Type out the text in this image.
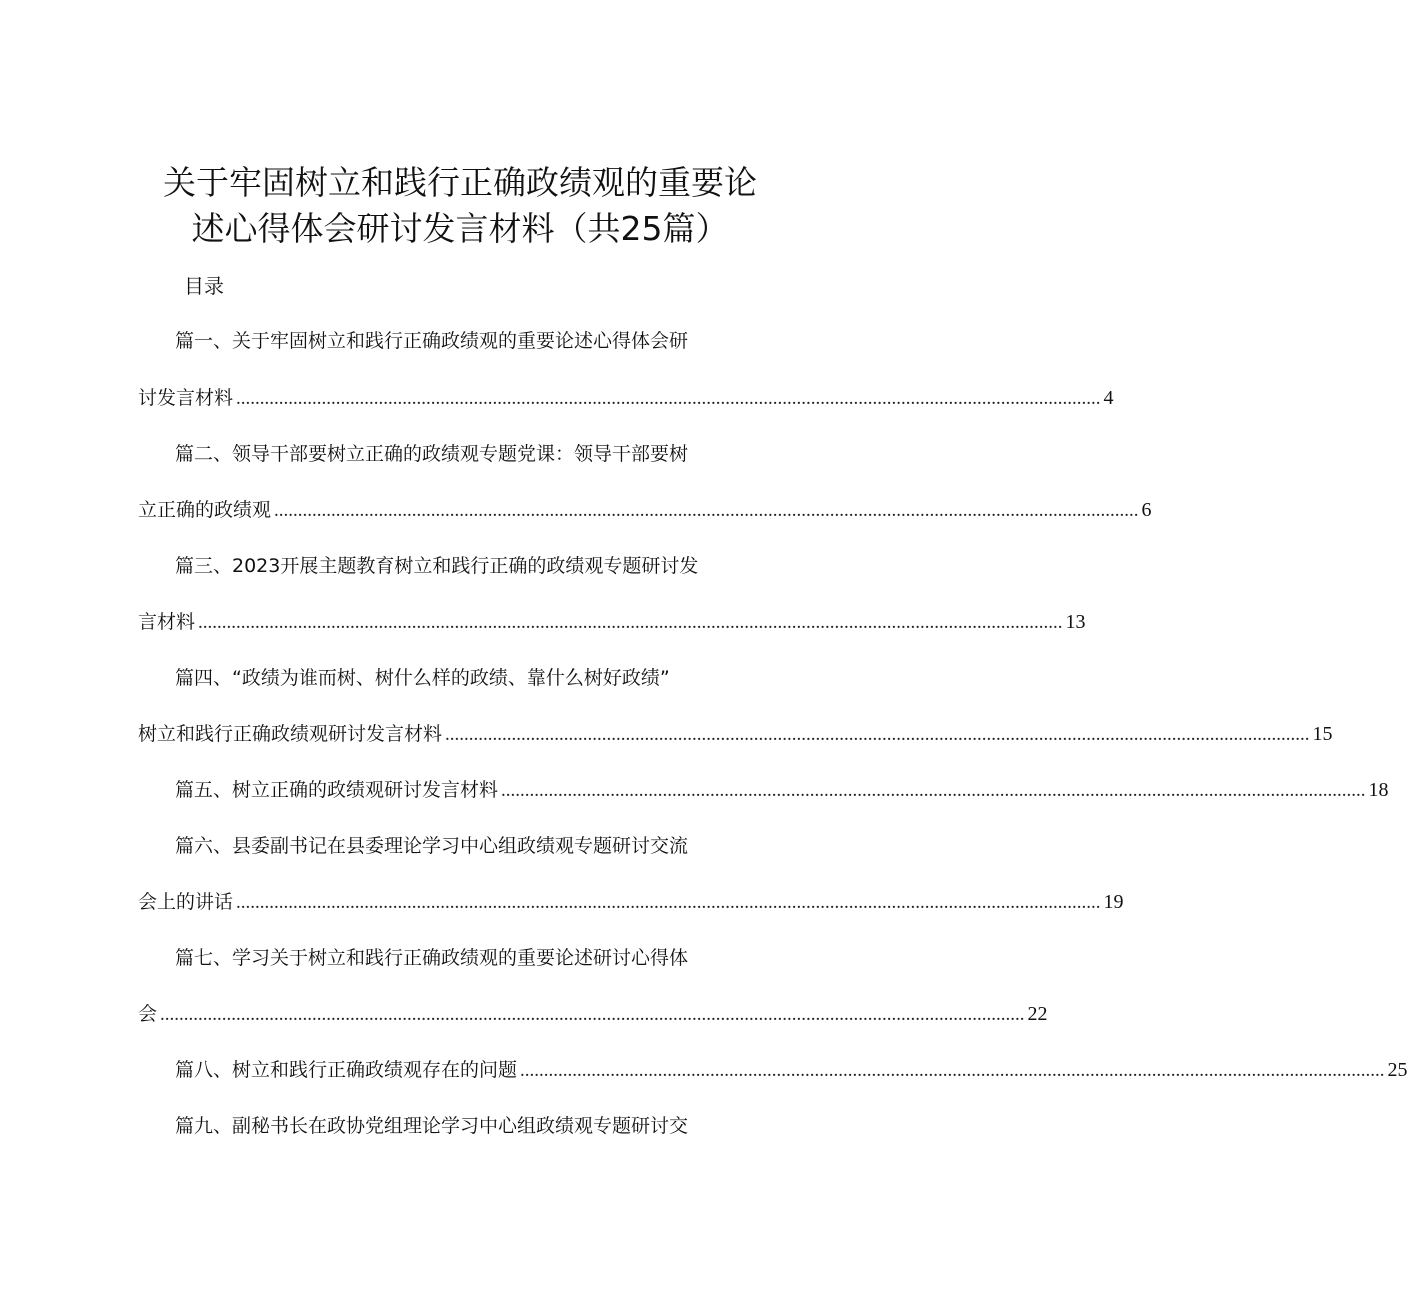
关于牢固树立和践行正确政绩观的重要论
述心得体会研讨发言材料（共25篇）
目录
篇一、关于牢固树立和践行正确政绩观的重要论述心得体会研
讨发言材料 ...................................................................................................................................................................................... 4
篇二、领导干部要树立正确的政绩观专题党课：领导干部要树
立正确的政绩观 ...................................................................................................................................................................................... 6
篇三、2023开展主题教育树立和践行正确的政绩观专题研讨发
言材料 ...................................................................................................................................................................................... 13
篇四、“政绩为谁而树、树什么样的政绩、靠什么树好政绩”
树立和践行正确政绩观研讨发言材料 ...................................................................................................................................................................................... 15
篇五、树立正确的政绩观研讨发言材料 ...................................................................................................................................................................................... 18
篇六、县委副书记在县委理论学习中心组政绩观专题研讨交流
会上的讲话 ...................................................................................................................................................................................... 19
篇七、学习关于树立和践行正确政绩观的重要论述研讨心得体
会 ...................................................................................................................................................................................... 22
篇八、树立和践行正确政绩观存在的问题 ...................................................................................................................................................................................... 25
篇九、副秘书长在政协党组理论学习中心组政绩观专题研讨交
